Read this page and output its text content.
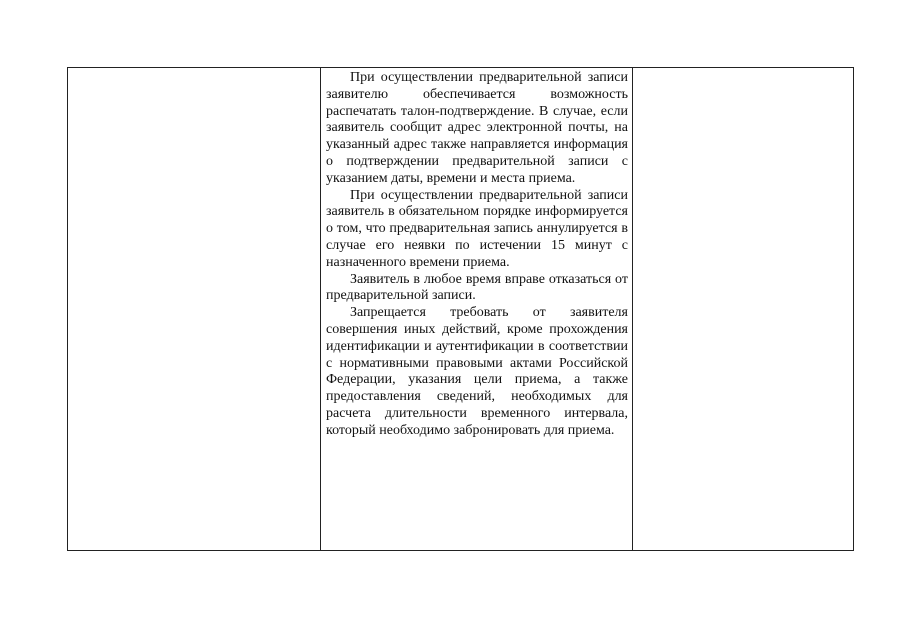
При осуществлении предварительной записи заявителю обеспечивается возможность распечатать талон-подтверждение. В случае, если заявитель сообщит адрес электронной почты, на указанный адрес также направляется информация о подтверждении предварительной записи с указанием даты, времени и места приема.

При осуществлении предварительной записи заявитель в обязательном порядке информируется о том, что предварительная запись аннулируется в случае его неявки по истечении 15 минут с назначенного времени приема.

Заявитель в любое время вправе отказаться от предварительной записи.

Запрещается требовать от заявителя совершения иных действий, кроме прохождения идентификации и аутентификации в соответствии с нормативными правовыми актами Российской Федерации, указания цели приема, а также предоставления сведений, необходимых для расчета длительности временного интервала, который необходимо забронировать для приема.
